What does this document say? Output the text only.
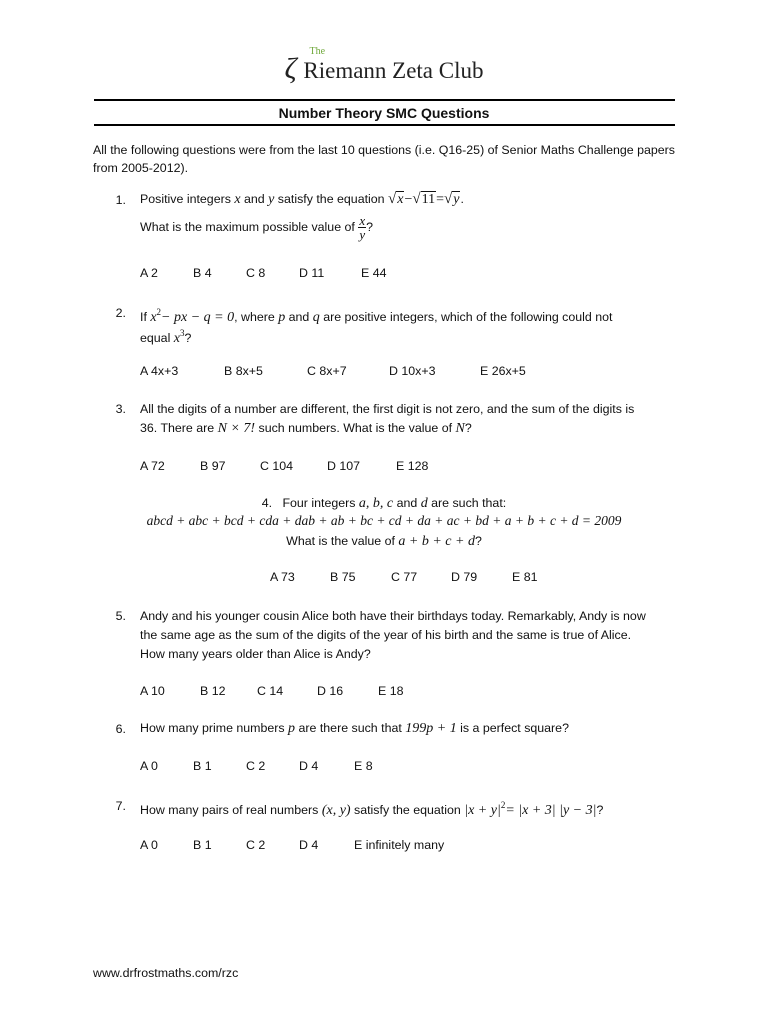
ζ
The
Riemann Zeta Club
Number Theory SMC Questions
All the following questions were from the last 10 questions (i.e. Q16-25) of Senior Maths Challenge papers from 2005-2012).
1. Positive integers x and y satisfy the equation √x−√11=√y.
What is the maximum possible value of $\frac{x}{y}$ ?
A 2	B 4	C 8	D 11	E 44
2. If $x^2-$ px − q = 0, where p and q are positive integers, which of the following could not
equal $x^3$?
A 4x+3	B 8x+5	C 8x+7	D 10x+3	E 26x+5
3. All the digits of a number are different, the first digit is not zero, and the sum of the digits is
36. There are N × 7! such numbers. What is the value of N?
A 72	B 97	C 104	D 107	E 128
4. Four integers a, b, c and d are such that:
abcd + abc + bcd + cda + dab + ab + bc + cd + da + ac + bd + a + b + c + d = 2009
What is the value of a + b + c + d?
A 73	B 75	C 77	D 79	E 81
5. Andy and his younger cousin Alice both have their birthdays today. Remarkably, Andy is now
the same age as the sum of the digits of the year of his birth and the same is true of Alice.
How many years older than Alice is Andy?
A 10	B 12	C 14	D 16	E 18
6. How many prime numbers p are there such that 199p + 1 is a perfect square?
A 0	B 1	C 2	D 4	E 8
7. How many pairs of real numbers (x, y) satisfy the equation $|x + y|^2= |x + 3|$ |y − 3|?
A 0	B 1	C 2	D 4	E infinitely many
www.drfrostmaths.com/rzc
